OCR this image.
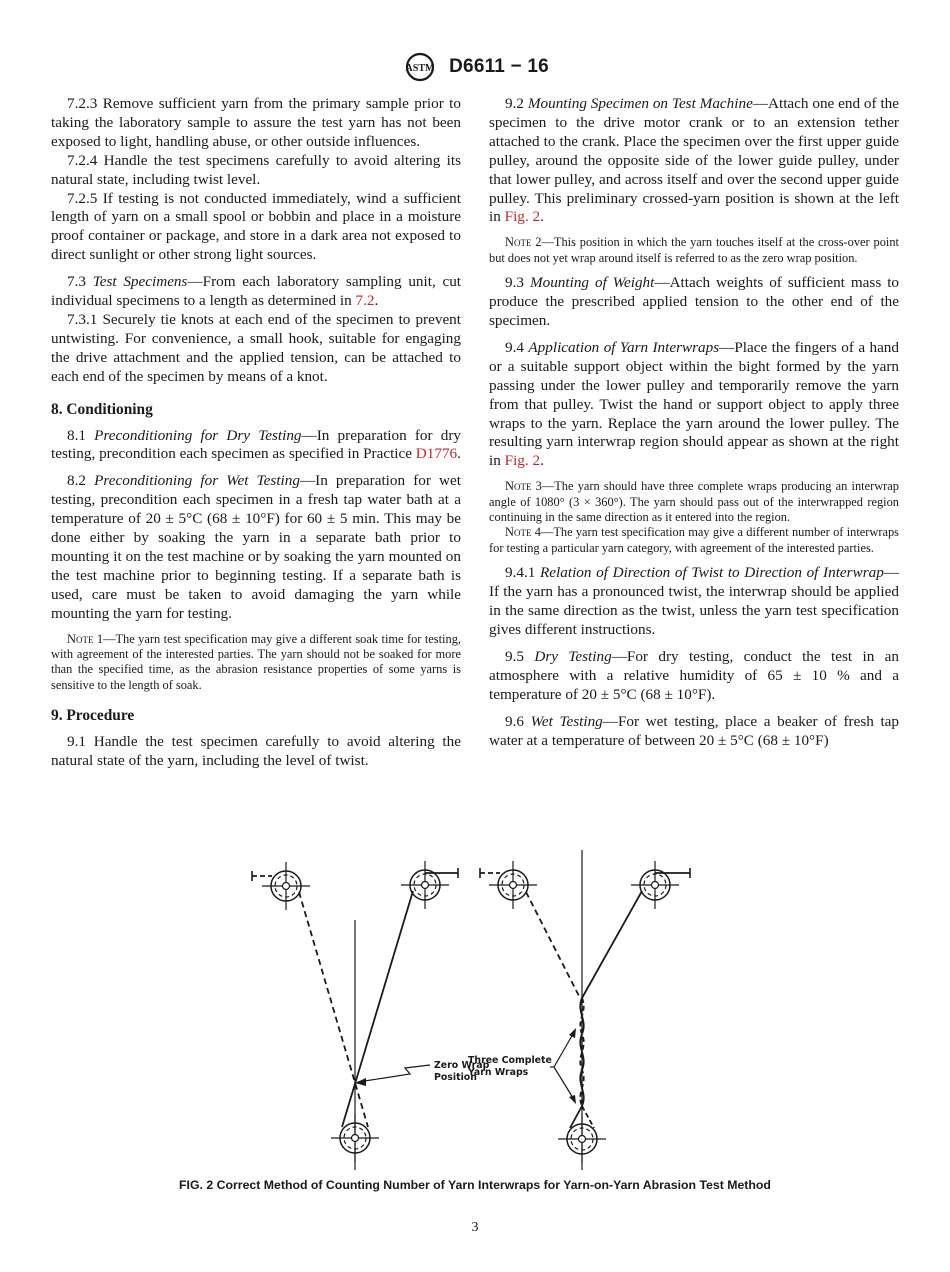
ASTM D6611 − 16

7.2.3 Remove sufficient yarn from the primary sample prior to taking the laboratory sample to assure the test yarn has not been exposed to light, handling abuse, or other outside influences.

7.2.4 Handle the test specimens carefully to avoid altering its natural state, including twist level.

7.2.5 If testing is not conducted immediately, wind a sufficient length of yarn on a small spool or bobbin and place in a moisture proof container or package, and store in a dark area not exposed to direct sunlight or other strong light sources.

7.3 Test Specimens—From each laboratory sampling unit, cut individual specimens to a length as determined in 7.2.

7.3.1 Securely tie knots at each end of the specimen to prevent untwisting. For convenience, a small hook, suitable for engaging the drive attachment and the applied tension, can be attached to each end of the specimen by means of a knot.

8. Conditioning

8.1 Preconditioning for Dry Testing—In preparation for dry testing, precondition each specimen as specified in Practice D1776.

8.2 Preconditioning for Wet Testing—In preparation for wet testing, precondition each specimen in a fresh tap water bath at a temperature of 20 ± 5°C (68 ± 10°F) for 60 ± 5 min. This may be done either by soaking the yarn in a separate bath prior to mounting it on the test machine or by soaking the yarn mounted on the test machine prior to beginning testing. If a separate bath is used, care must be taken to avoid damaging the yarn while mounting the yarn for testing.

Note 1—The yarn test specification may give a different soak time for testing, with agreement of the interested parties. The yarn should not be soaked for more than the specified time, as the abrasion resistance properties of some yarns is sensitive to the length of soak.
9. Procedure

9.1 Handle the test specimen carefully to avoid altering the natural state of the yarn, including the level of twist.

9.2 Mounting Specimen on Test Machine—Attach one end of the specimen to the drive motor crank or to an extension tether attached to the crank. Place the specimen over the first upper guide pulley, around the opposite side of the lower guide pulley, under that lower pulley, and across itself and over the second upper guide pulley. This preliminary crossed-yarn position is shown at the left in Fig. 2.

Note 2—This position in which the yarn touches itself at the cross-over point but does not yet wrap around itself is referred to as the zero wrap position.

9.3 Mounting of Weight—Attach weights of sufficient mass to produce the prescribed applied tension to the other end of the specimen.

9.4 Application of Yarn Interwraps—Place the fingers of a hand or a suitable support object within the bight formed by the yarn passing under the lower pulley and temporarily remove the yarn from that pulley. Twist the hand or support object to apply three wraps to the yarn. Replace the yarn around the lower pulley. The resulting yarn interwrap region should appear as shown at the right in Fig. 2.

Note 3—The yarn should have three complete wraps producing an interwrap angle of 1080° (3 × 360°). The yarn should pass out of the interwrapped region continuing in the same direction as it entered into the region.
Note 4—The yarn test specification may give a different number of interwraps for testing a particular yarn category, with agreement of the interested parties.

9.4.1 Relation of Direction of Twist to Direction of Interwrap—If the yarn has a pronounced twist, the interwrap should be applied in the same direction as the twist, unless the yarn test specification gives different instructions.

9.5 Dry Testing—For dry testing, conduct the test in an atmosphere with a relative humidity of 65 ± 10 % and a temperature of 20 ± 5°C (68 ± 10°F).

9.6 Wet Testing—For wet testing, place a beaker of fresh tap water at a temperature of between 20 ± 5°C (68 ± 10°F)

Zero Wrap
Position
Three Complete
Yarn Wraps
FIG. 2 Correct Method of Counting Number of Yarn Interwraps for Yarn-on-Yarn Abrasion Test Method
3
